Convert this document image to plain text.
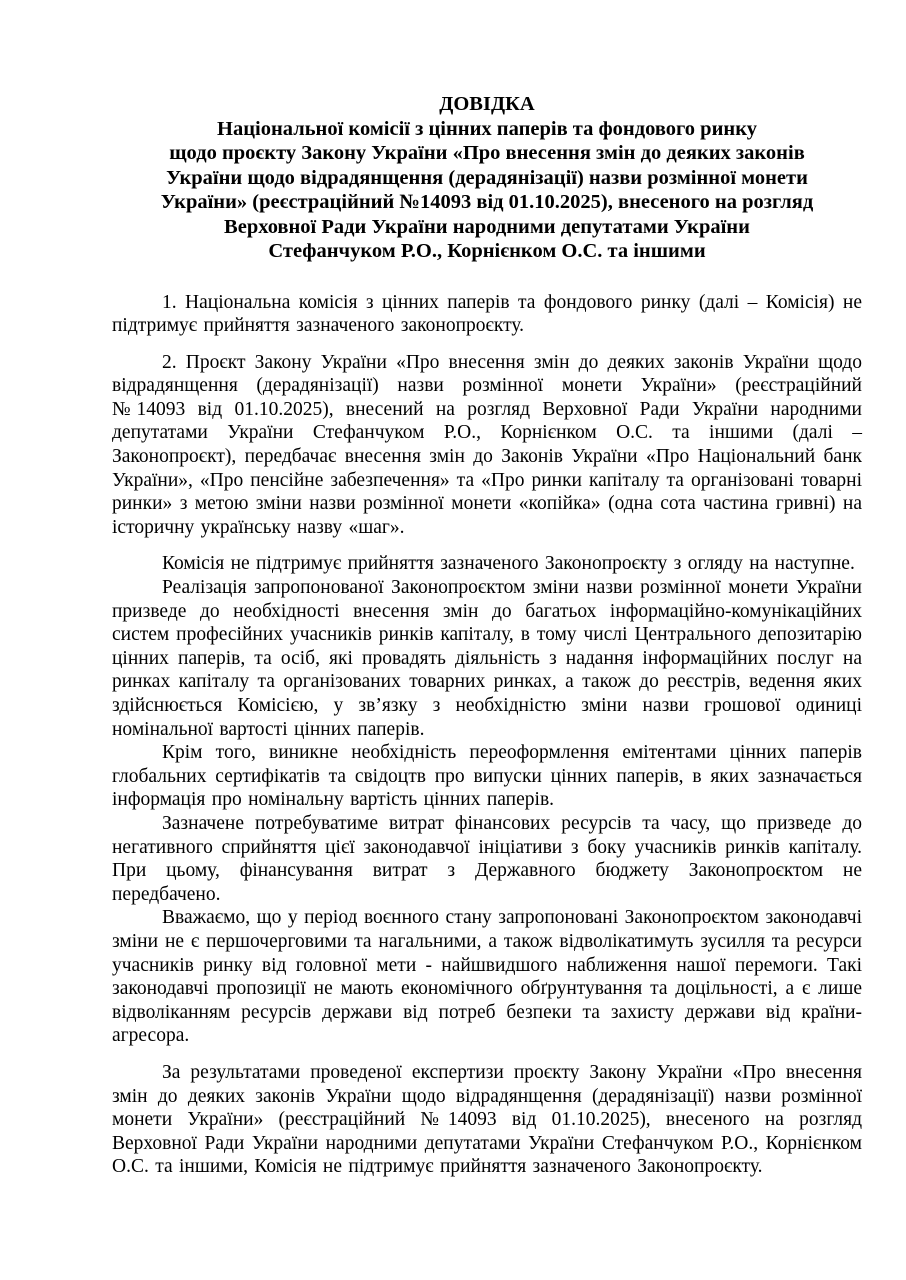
ДОВІДКА
Національної комісії з цінних паперів та фондового ринку
щодо проєкту Закону України «Про внесення змін до деяких законів
України щодо відрадянщення (дерадянізації) назви розмінної монети
України» (реєстраційний №14093 від 01.10.2025), внесеного на розгляд
Верховної Ради України народними депутатами України
Стефанчуком Р.О., Корнієнком О.С. та іншими

1. Національна комісія з цінних паперів та фондового ринку (далі – Комісія) не підтримує прийняття зазначеного законопроєкту.

2. Проєкт Закону України «Про внесення змін до деяких законів України щодо відрадянщення (дерадянізації) назви розмінної монети України» (реєстраційний №14093 від 01.10.2025), внесений на розгляд Верховної Ради України народними депутатами України Стефанчуком Р.О., Корнієнком О.С. та іншими (далі – Законопроєкт), передбачає внесення змін до Законів України «Про Національний банк України», «Про пенсійне забезпечення» та «Про ринки капіталу та організовані товарні ринки» з метою зміни назви розмінної монети «копійка» (одна сота частина гривні) на історичну українську назву «шаг».

Комісія не підтримує прийняття зазначеного Законопроєкту з огляду на наступне.

Реалізація запропонованої Законопроєктом зміни назви розмінної монети України призведе до необхідності внесення змін до багатьох інформаційно-комунікаційних систем професійних учасників ринків капіталу, в тому числі Центрального депозитарію цінних паперів, та осіб, які провадять діяльність з надання інформаційних послуг на ринках капіталу та організованих товарних ринках, а також до реєстрів, ведення яких здійснюється Комісією, у зв’язку з необхідністю зміни назви грошової одиниці номінальної вартості цінних паперів.

Крім того, виникне необхідність переоформлення емітентами цінних паперів глобальних сертифікатів та свідоцтв про випуски цінних паперів, в яких зазначається інформація про номінальну вартість цінних паперів.

Зазначене потребуватиме витрат фінансових ресурсів та часу, що призведе до негативного сприйняття цієї законодавчої ініціативи з боку учасників ринків капіталу. При цьому, фінансування витрат з Державного бюджету Законопроєктом не передбачено.

Вважаємо, що у період воєнного стану запропоновані Законопроєктом законодавчі зміни не є першочерговими та нагальними, а також відволікатимуть зусилля та ресурси учасників ринку від головної мети - найшвидшого наближення нашої перемоги. Такі законодавчі пропозиції не мають економічного обґрунтування та доцільності, а є лише відволіканням ресурсів держави від потреб безпеки та захисту держави від країни-агресора.

За результатами проведеної експертизи проєкту Закону України «Про внесення змін до деяких законів України щодо відрадянщення (дерадянізації) назви розмінної монети України» (реєстраційний №14093 від 01.10.2025), внесеного на розгляд Верховної Ради України народними депутатами України Стефанчуком Р.О., Корнієнком О.С. та іншими, Комісія не підтримує прийняття зазначеного Законопроєкту.
